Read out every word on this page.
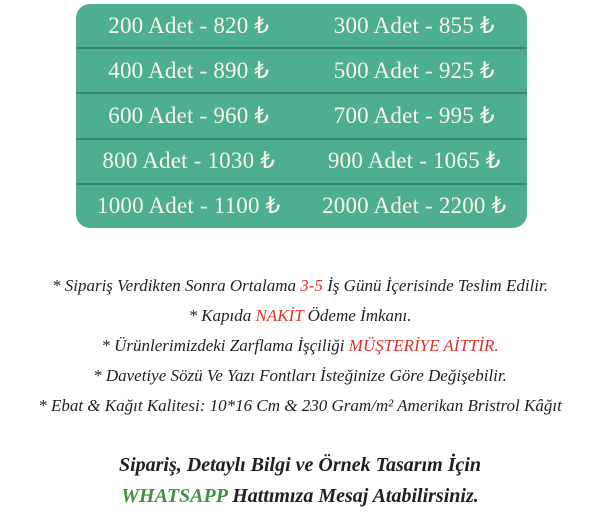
200 Adet - 820 ₺	300 Adet - 855 ₺
400 Adet - 890 ₺	500 Adet - 925 ₺
600 Adet - 960 ₺	700 Adet - 995 ₺
800 Adet - 1030 ₺	900 Adet - 1065 ₺
1000 Adet - 1100 ₺	2000 Adet - 2200 ₺

* Sipariş Verdikten Sonra Ortalama 3-5 İş Günü İçerisinde Teslim Edilir.

* Kapıda NAKİT Ödeme İmkanı.

* Ürünlerimizdeki Zarflama İşçiliği MÜŞTERİYE AİTTİR.

* Davetiye Sözü Ve Yazı Fontları İsteğinize Göre Değişebilir.

* Ebat & Kağıt Kalitesi: 10*16 Cm & 230 Gram/m² Amerikan Bristrol Kâğıt

Sipariş, Detaylı Bilgi ve Örnek Tasarım İçin

WHATSAPP Hattımıza Mesaj Atabilirsiniz.
